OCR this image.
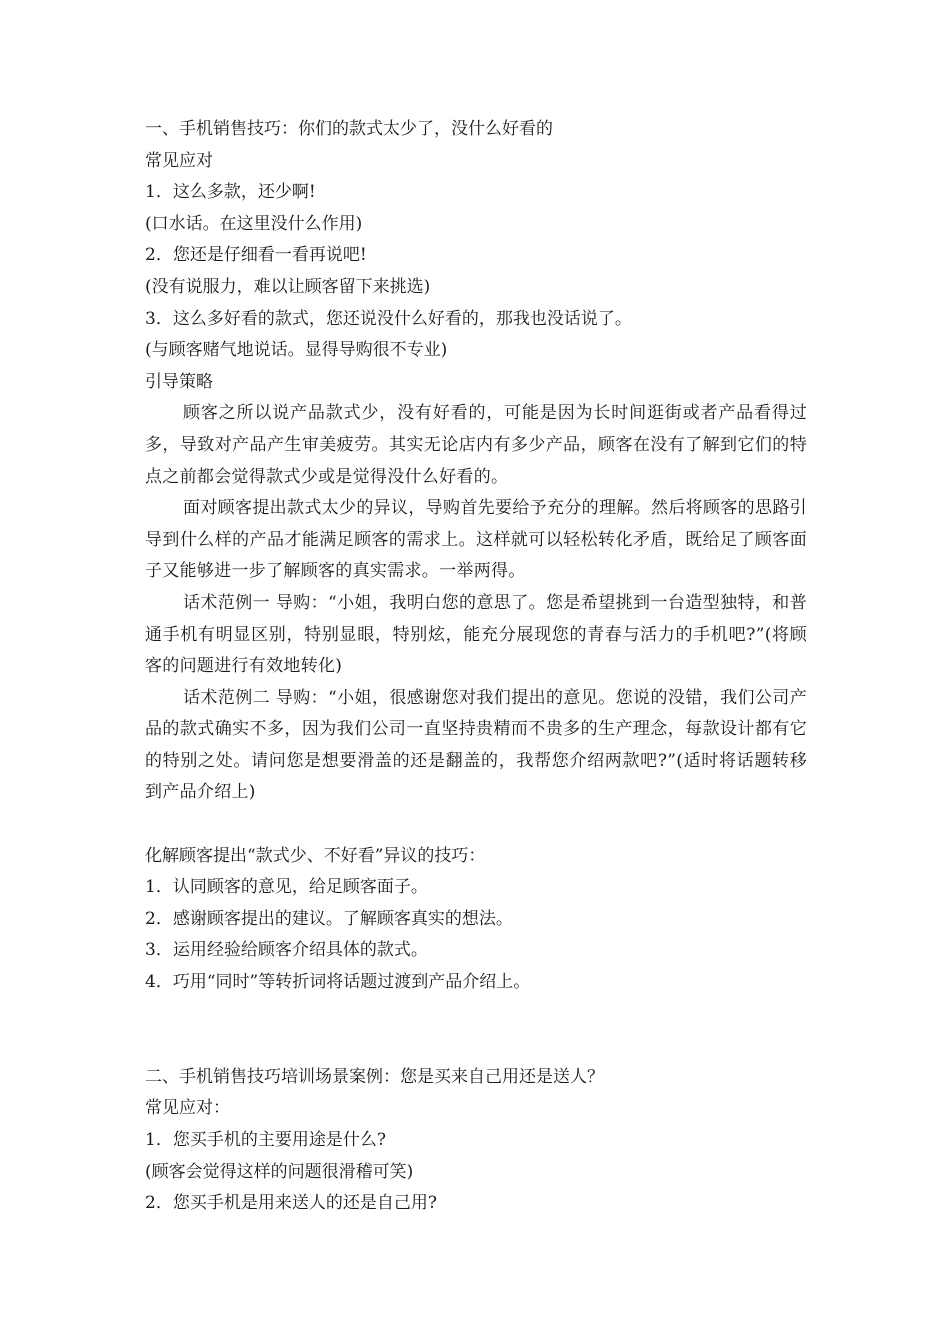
一、手机销售技巧：你们的款式太少了，没什么好看的
常见应对
1．这么多款，还少啊!
(口水话。在这里没什么作用)
2．您还是仔细看一看再说吧!
(没有说服力，难以让顾客留下来挑选)
3．这么多好看的款式，您还说没什么好看的，那我也没话说了。
(与顾客赌气地说话。显得导购很不专业)
引导策略
顾客之所以说产品款式少，没有好看的，可能是因为长时间逛街或者产品看得过多，导致对产品产生审美疲劳。其实无论店内有多少产品，顾客在没有了解到它们的特点之前都会觉得款式少或是觉得没什么好看的。
面对顾客提出款式太少的异议，导购首先要给予充分的理解。然后将顾客的思路引导到什么样的产品才能满足顾客的需求上。这样就可以轻松转化矛盾，既给足了顾客面子又能够进一步了解顾客的真实需求。一举两得。
话术范例一 导购：“小姐，我明白您的意思了。您是希望挑到一台造型独特，和普通手机有明显区别，特别显眼，特别炫，能充分展现您的青春与活力的手机吧?”(将顾客的问题进行有效地转化)
话术范例二 导购：“小姐，很感谢您对我们提出的意见。您说的没错，我们公司产品的款式确实不多，因为我们公司一直坚持贵精而不贵多的生产理念，每款设计都有它的特别之处。请问您是想要滑盖的还是翻盖的，我帮您介绍两款吧?”(适时将话题转移到产品介绍上)
化解顾客提出“款式少、不好看”异议的技巧：
1．认同顾客的意见，给足顾客面子。
2．感谢顾客提出的建议。了解顾客真实的想法。
3．运用经验给顾客介绍具体的款式。
4．巧用“同时”等转折词将话题过渡到产品介绍上。
二、手机销售技巧培训场景案例：您是买来自己用还是送人？
常见应对：
1．您买手机的主要用途是什么?
(顾客会觉得这样的问题很滑稽可笑)
2．您买手机是用来送人的还是自己用?
